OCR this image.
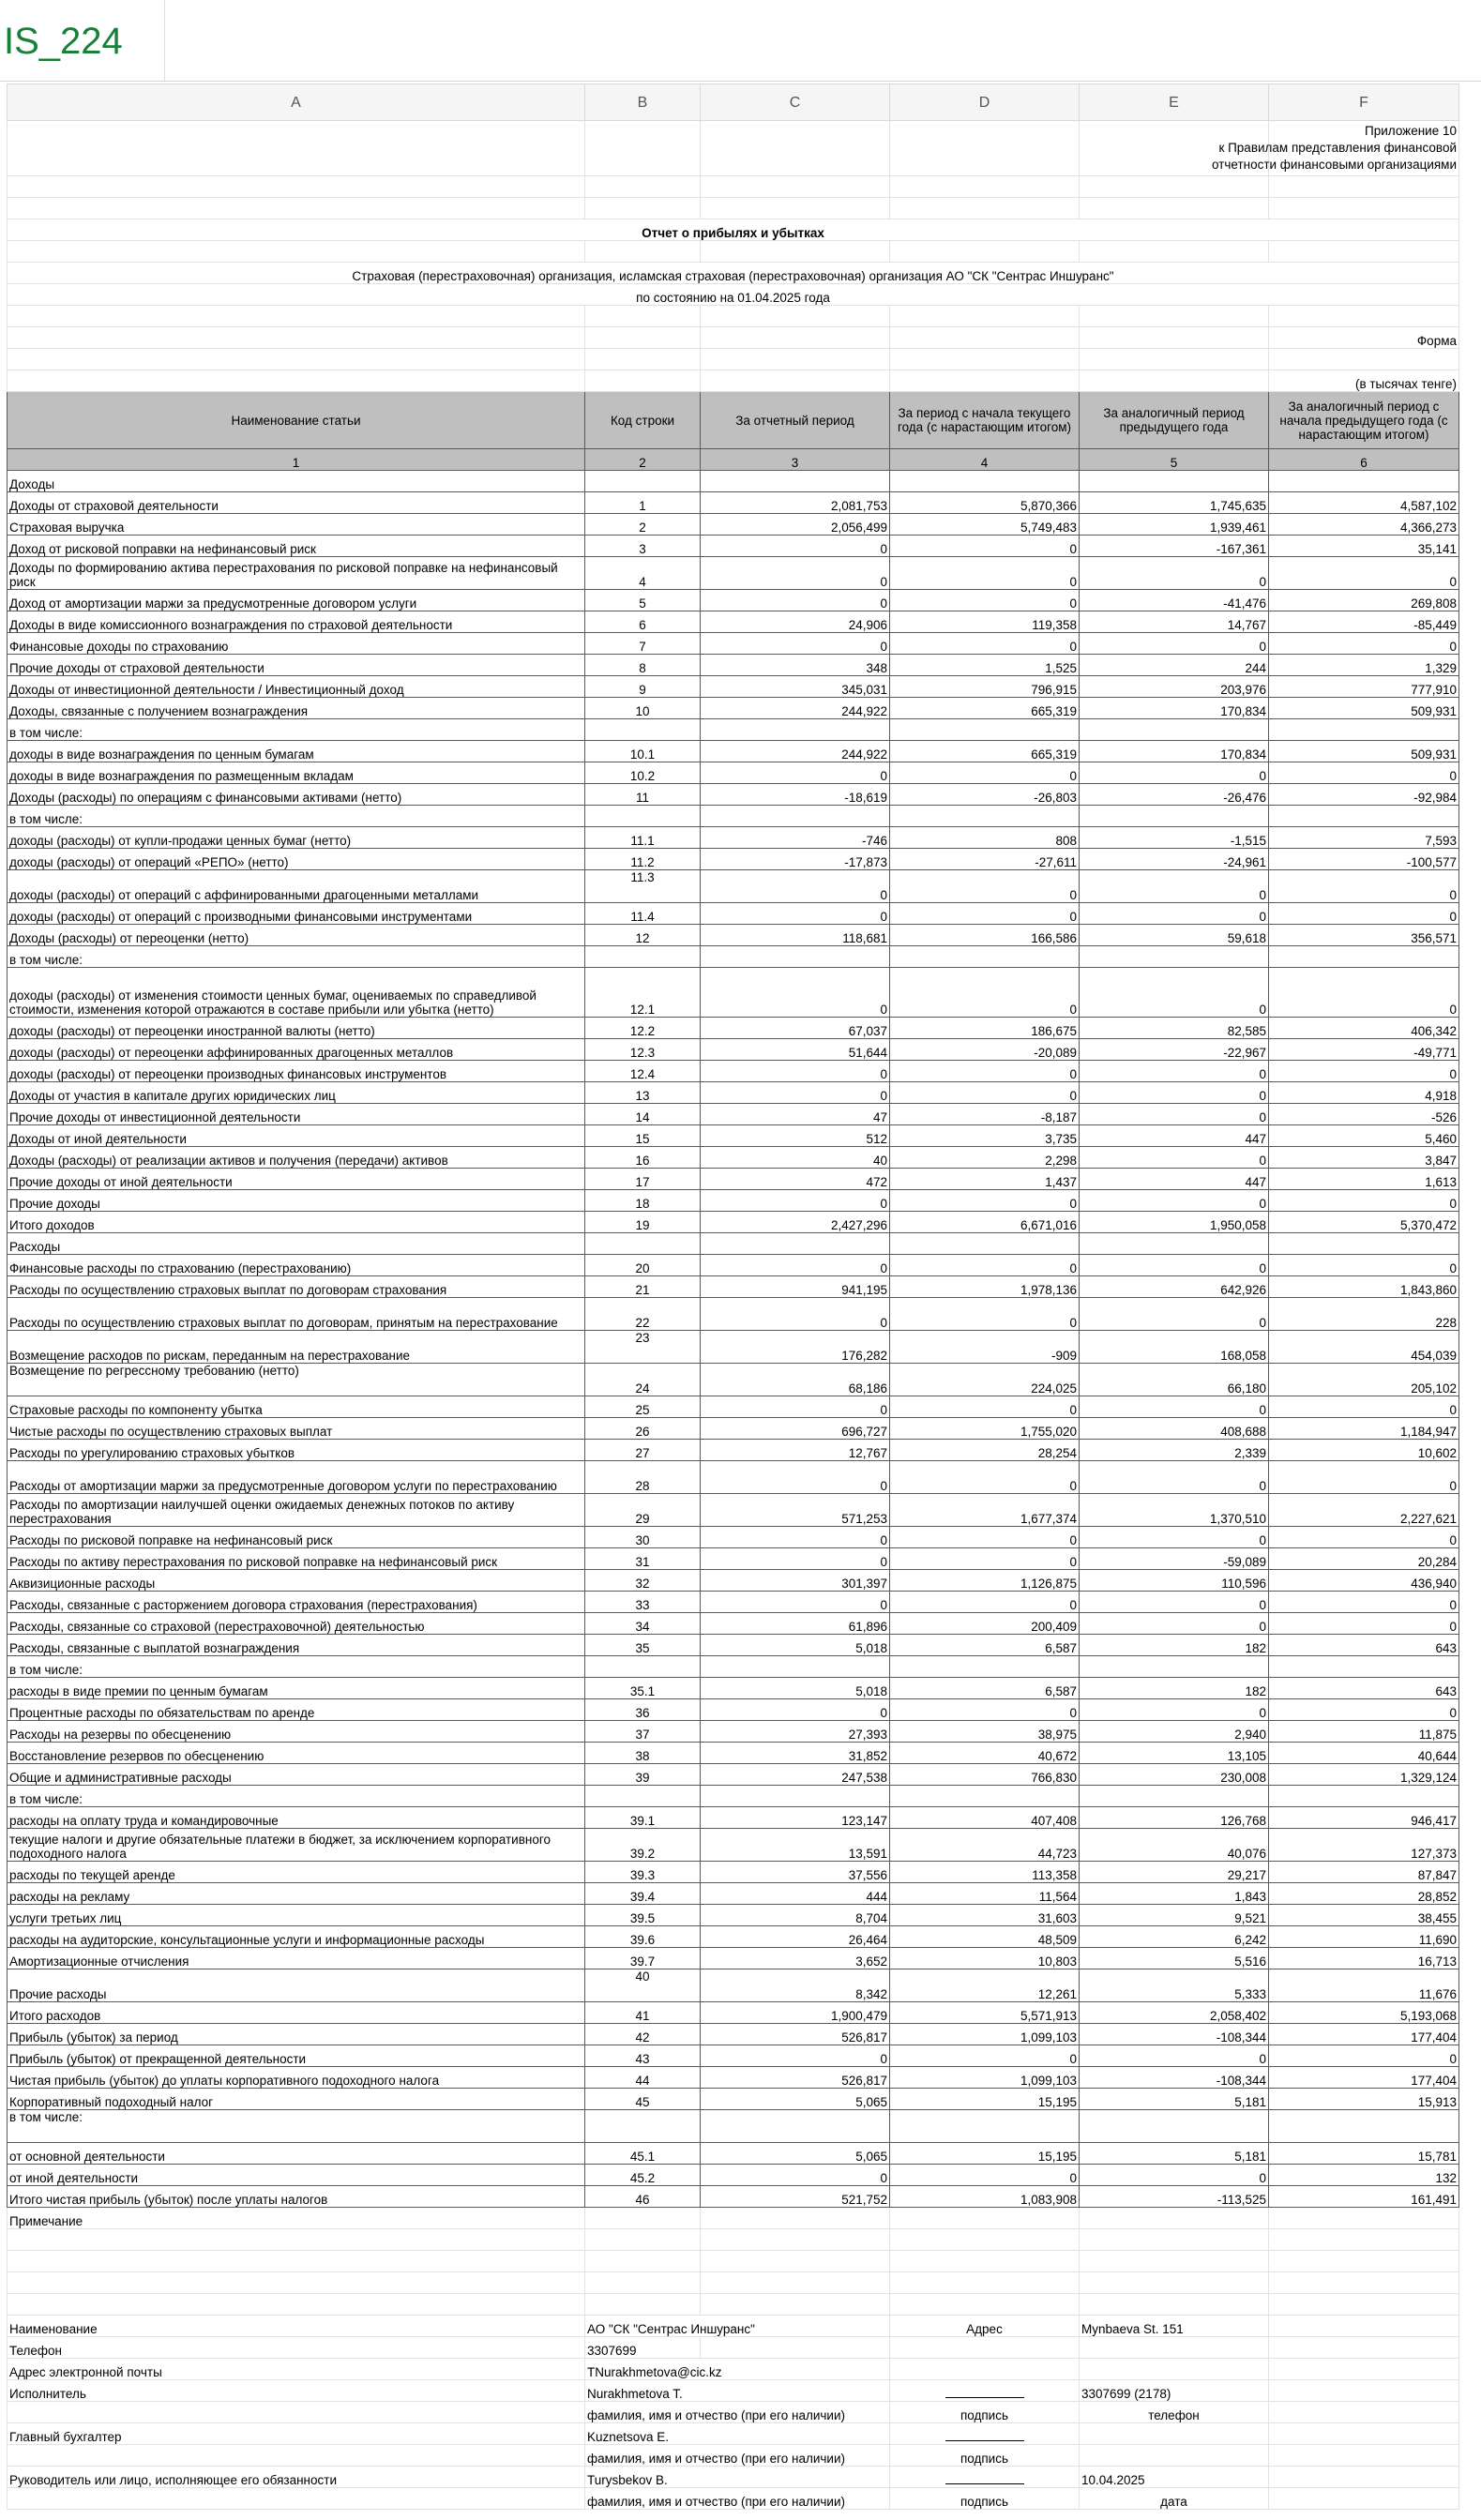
IS_224
A	B	C	D	E	F

					Приложение 10
к Правилам представления финансовой
отчетности финансовыми организациями

Отчет о прибылях и убытках					

Страховая (перестраховочная) организация, исламская страховая (перестраховочная) организация АО "СК "Сентрас Иншуранс"					
по состоянию на 01.04.2025 года					

					Форма

					(в тысячах тенге)
Наименование статьи	Код строки	За отчетный период	За период с начала текущего года (с нарастающим итогом)	За аналогичный период предыдущего года	За аналогичный период с начала предыдущего года (с нарастающим итогом)
1	2	3	4	5	6
Доходы					
Доходы от страховой деятельности	1	2,081,753	5,870,366	1,745,635	4,587,102
Страховая выручка	2	2,056,499	5,749,483	1,939,461	4,366,273
Доход от рисковой поправки на нефинансовый риск	3	0	0	-167,361	35,141
Доходы по формированию актива перестрахования по рисковой поправке на нефинансовый риск	4	0	0	0	0
Доход от амортизации маржи за предусмотренные договором услуги	5	0	0	-41,476	269,808
Доходы в виде комиссионного вознаграждения по страховой деятельности	6	24,906	119,358	14,767	-85,449
Финансовые доходы по страхованию	7	0	0	0	0
Прочие доходы от страховой деятельности	8	348	1,525	244	1,329
Доходы от инвестиционной деятельности / Инвестиционный доход	9	345,031	796,915	203,976	777,910
Доходы, связанные с получением вознаграждения	10	244,922	665,319	170,834	509,931
в том числе:					
доходы в виде вознаграждения по ценным бумагам	10.1	244,922	665,319	170,834	509,931
доходы в виде вознаграждения по размещенным вкладам	10.2	0	0	0	0
Доходы (расходы) по операциям с финансовыми активами (нетто)	11	-18,619	-26,803	-26,476	-92,984
в том числе:					
доходы (расходы) от купли-продажи ценных бумаг (нетто)	11.1	-746	808	-1,515	7,593
доходы (расходы) от операций «РЕПО» (нетто)	11.2	-17,873	-27,611	-24,961	-100,577
доходы (расходы) от операций с аффинированными драгоценными металлами	11.3	0	0	0	0
доходы (расходы) от операций с производными финансовыми инструментами	11.4	0	0	0	0
Доходы (расходы) от переоценки (нетто)	12	118,681	166,586	59,618	356,571
в том числе:					
доходы (расходы) от изменения стоимости ценных бумаг, оцениваемых по справедливой стоимости, изменения которой отражаются в составе прибыли или убытка (нетто)	12.1	0	0	0	0
доходы (расходы) от переоценки иностранной валюты (нетто)	12.2	67,037	186,675	82,585	406,342
доходы (расходы) от переоценки аффинированных драгоценных металлов	12.3	51,644	-20,089	-22,967	-49,771
доходы (расходы) от переоценки производных финансовых инструментов	12.4	0	0	0	0
Доходы от участия в капитале других юридических лиц	13	0	0	0	4,918
Прочие доходы от инвестиционной деятельности	14	47	-8,187	0	-526
Доходы от иной деятельности	15	512	3,735	447	5,460
Доходы (расходы) от реализации активов и получения (передачи) активов	16	40	2,298	0	3,847
Прочие доходы от иной деятельности	17	472	1,437	447	1,613
Прочие доходы	18	0	0	0	0
Итого доходов	19	2,427,296	6,671,016	1,950,058	5,370,472
Расходы					
Финансовые расходы по страхованию (перестрахованию)	20	0	0	0	0
Расходы по осуществлению страховых выплат по договорам страхования	21	941,195	1,978,136	642,926	1,843,860
Расходы по осуществлению страховых выплат по договорам, принятым на перестрахование	22	0	0	0	228
Возмещение расходов по рискам, переданным на перестрахование	23	176,282	-909	168,058	454,039
Возмещение по регрессному требованию (нетто)	24	68,186	224,025	66,180	205,102
Страховые расходы по компоненту убытка	25	0	0	0	0
Чистые расходы по осуществлению страховых выплат	26	696,727	1,755,020	408,688	1,184,947
Расходы по урегулированию страховых убытков	27	12,767	28,254	2,339	10,602
Расходы от амортизации маржи за предусмотренные договором услуги по перестрахованию	28	0	0	0	0
Расходы по амортизации наилучшей оценки ожидаемых денежных потоков по активу перестрахования	29	571,253	1,677,374	1,370,510	2,227,621
Расходы по рисковой поправке на нефинансовый риск	30	0	0	0	0
Расходы по активу перестрахования по рисковой поправке на нефинансовый риск	31	0	0	-59,089	20,284
Аквизиционные расходы	32	301,397	1,126,875	110,596	436,940
Расходы, связанные с расторжением договора страхования (перестрахования)	33	0	0	0	0
Расходы, связанные со страховой (перестраховочной) деятельностью	34	61,896	200,409	0	0
Расходы, связанные с выплатой вознаграждения	35	5,018	6,587	182	643
в том числе:					
расходы в виде премии по ценным бумагам	35.1	5,018	6,587	182	643
Процентные расходы по обязательствам по аренде	36	0	0	0	0
Расходы на резервы по обесценению	37	27,393	38,975	2,940	11,875
Восстановление резервов по обесценению	38	31,852	40,672	13,105	40,644
Общие и административные расходы	39	247,538	766,830	230,008	1,329,124
в том числе:					
расходы на оплату труда и командировочные	39.1	123,147	407,408	126,768	946,417
текущие налоги и другие обязательные платежи в бюджет, за исключением корпоративного подоходного налога	39.2	13,591	44,723	40,076	127,373
расходы по текущей аренде	39.3	37,556	113,358	29,217	87,847
расходы на рекламу	39.4	444	11,564	1,843	28,852
услуги третьих лиц	39.5	8,704	31,603	9,521	38,455
расходы на аудиторские, консультационные услуги и информационные расходы	39.6	26,464	48,509	6,242	11,690
Амортизационные отчисления	39.7	3,652	10,803	5,516	16,713
Прочие расходы	40	8,342	12,261	5,333	11,676
Итого расходов	41	1,900,479	5,571,913	2,058,402	5,193,068
Прибыль (убыток) за период	42	526,817	1,099,103	-108,344	177,404
Прибыль (убыток) от прекращенной деятельности	43	0	0	0	0
Чистая прибыль (убыток) до уплаты корпоративного подоходного налога	44	526,817	1,099,103	-108,344	177,404
Корпоративный подоходный налог	45	5,065	15,195	5,181	15,913
в том числе:					
от основной деятельности	45.1	5,065	15,195	5,181	15,781
от иной деятельности	45.2	0	0	0	132
Итого чистая прибыль (убыток) после уплаты налогов	46	521,752	1,083,908	-113,525	161,491
Примечание					

Наименование	АО "СК "Сентрас Иншуранс"		Адрес	Mynbaeva St. 151	
Телефон	3307699				
Адрес электронной почты	TNurakhmetova@cic.kz				
Исполнитель	Nurakhmetova T.			3307699 (2178)	
	фамилия, имя и отчество (при его наличии)		подпись	телефон	
Главный бухгалтер	Kuznetsova E.				
	фамилия, имя и отчество (при его наличии)		подпись		
Руководитель или лицо, исполняющее его обязанности	Turysbekov B.			10.04.2025	
	фамилия, имя и отчество (при его наличии)		подпись	дата	
